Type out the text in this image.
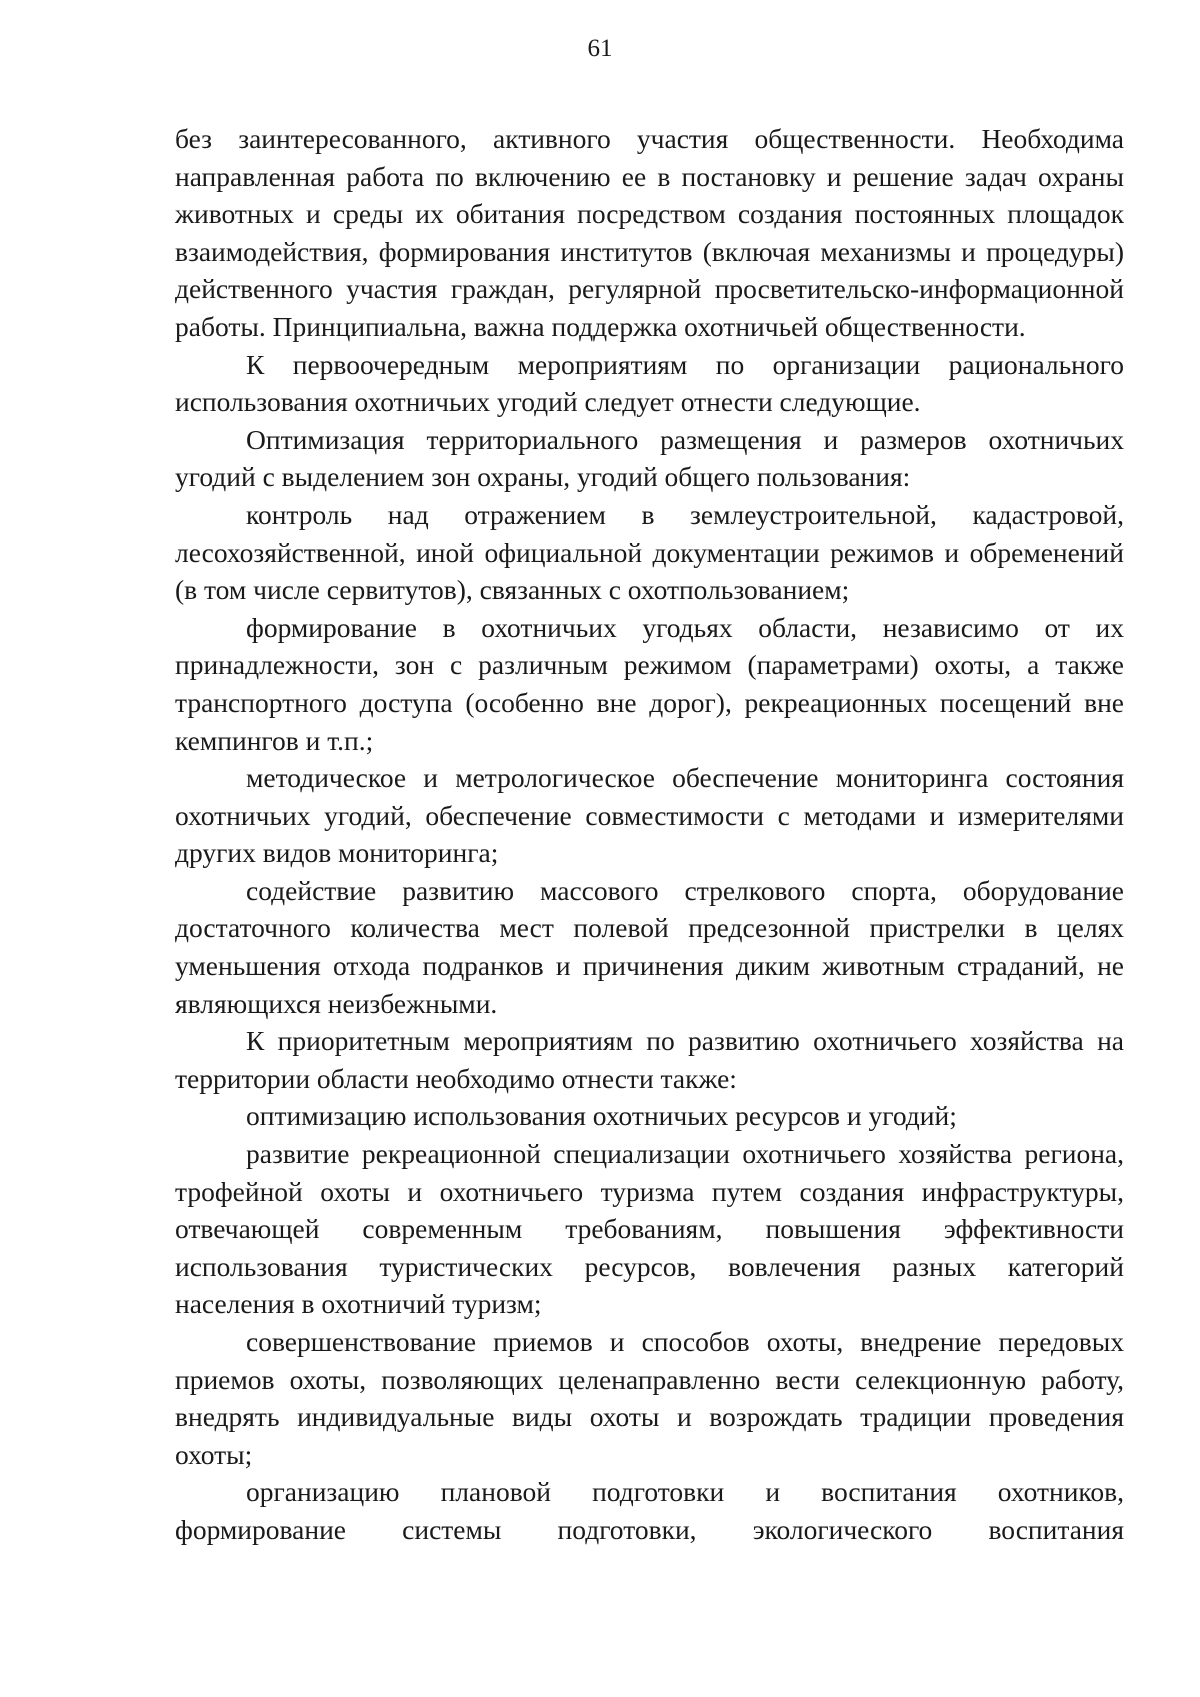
61

без заинтересованного, активного участия общественности. Необходима направленная работа по включению ее в постановку и решение задач охраны животных и среды их обитания посредством создания постоянных площадок взаимодействия, формирования институтов (включая механизмы и процедуры) действенного участия граждан, регулярной просветительско-информационной работы. Принципиальна, важна поддержка охотничьей общественности.

К первоочередным мероприятиям по организации рационального использования охотничьих угодий следует отнести следующие.

Оптимизация территориального размещения и размеров охотничьих угодий с выделением зон охраны, угодий общего пользования:

контроль над отражением в землеустроительной, кадастровой, лесохозяйственной, иной официальной документации режимов и обременений (в том числе сервитутов), связанных с охотпользованием;

формирование в охотничьих угодьях области, независимо от их принадлежности, зон с различным режимом (параметрами) охоты, а также транспортного доступа (особенно вне дорог), рекреационных посещений вне кемпингов и т.п.;

методическое и метрологическое обеспечение мониторинга состояния охотничьих угодий, обеспечение совместимости с методами и измерителями других видов мониторинга;

содействие развитию массового стрелкового спорта, оборудование достаточного количества мест полевой предсезонной пристрелки в целях уменьшения отхода подранков и причинения диким животным страданий, не являющихся неизбежными.

К приоритетным мероприятиям по развитию охотничьего хозяйства на территории области необходимо отнести также:

оптимизацию использования охотничьих ресурсов и угодий;

развитие рекреационной специализации охотничьего хозяйства региона, трофейной охоты и охотничьего туризма путем создания инфраструктуры, отвечающей современным требованиям, повышения эффективности использования туристических ресурсов, вовлечения разных категорий населения в охотничий туризм;

совершенствование приемов и способов охоты, внедрение передовых приемов охоты, позволяющих целенаправленно вести селекционную работу, внедрять индивидуальные виды охоты и возрождать традиции проведения охоты;

организацию плановой подготовки и воспитания охотников, формирование системы подготовки, экологического воспитания
